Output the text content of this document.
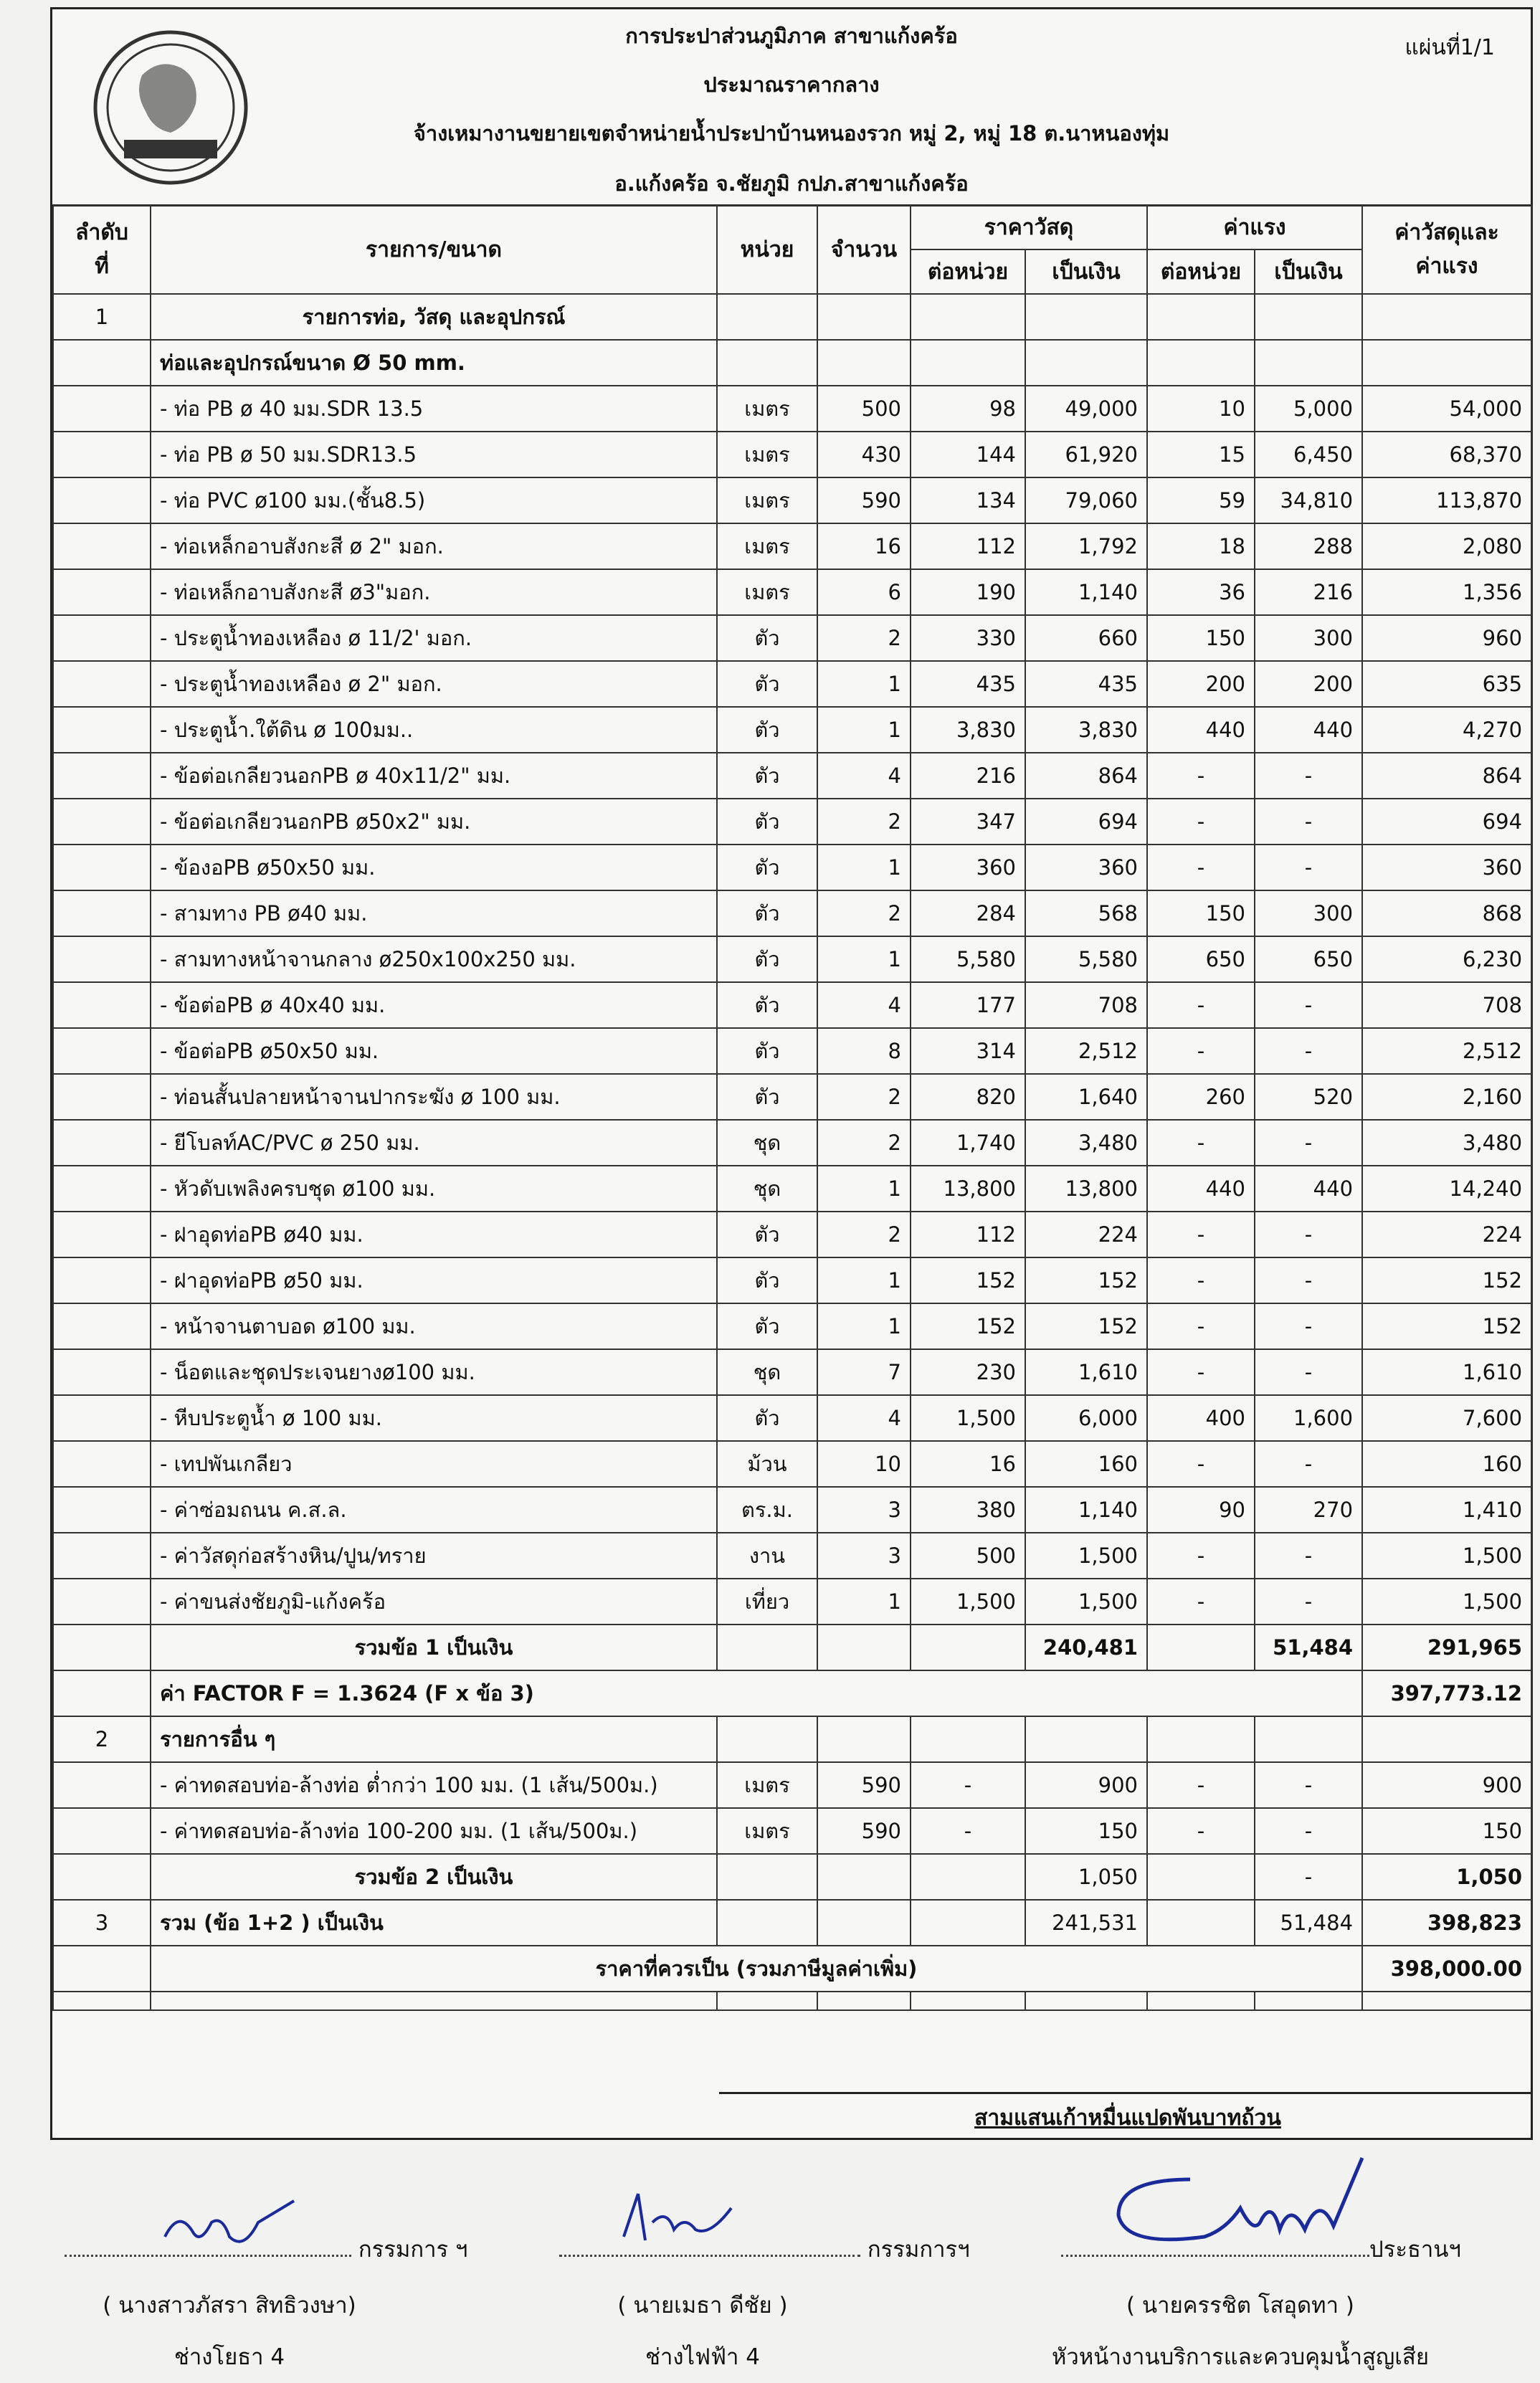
การประปาส่วนภูมิภาค สาขาแก้งคร้อ	แผ่นที่1/1
ประมาณราคากลาง
จ้างเหมางานขยายเขตจำหน่ายน้ำประปาบ้านหนองรวก หมู่ 2, หมู่ 18 ต.นาหนองทุ่ม
อ.แก้งคร้อ จ.ชัยภูมิ กปภ.สาขาแก้งคร้อ
ลำดับ
ที่	รายการ/ขนาด	หน่วย	จำนวน	ราคาวัสดุ		ค่าแรง		ค่าวัสดุและ
ค่าแรง
				ต่อหน่วย	เป็นเงิน	ต่อหน่วย	เป็นเงิน	
1	รายการท่อ, วัสดุ และอุปกรณ์							
	ท่อและอุปกรณ์ขนาด Ø 50 mm.							
	- ท่อ PB ø 40 มม.SDR 13.5	เมตร	500	98	49,000	10	5,000	54,000
	- ท่อ PB ø 50 มม.SDR13.5	เมตร	430	144	61,920	15	6,450	68,370
	- ท่อ PVC ø100 มม.(ชั้น8.5)	เมตร	590	134	79,060	59	34,810	113,870
	- ท่อเหล็กอาบสังกะสี ø 2" มอก.	เมตร	16	112	1,792	18	288	2,080
	- ท่อเหล็กอาบสังกะสี ø3"มอก.	เมตร	6	190	1,140	36	216	1,356
	- ประตูน้ำทองเหลือง ø 11/2' มอก.	ตัว	2	330	660	150	300	960
	- ประตูน้ำทองเหลือง ø 2" มอก.	ตัว	1	435	435	200	200	635
	- ประตูน้ำ.ใต้ดิน ø 100มม..	ตัว	1	3,830	3,830	440	440	4,270
	- ข้อต่อเกลียวนอกPB ø 40x11/2" มม.	ตัว	4	216	864	-	-	864
	- ข้อต่อเกลียวนอกPB ø50x2" มม.	ตัว	2	347	694	-	-	694
	- ข้องอPB ø50x50 มม.	ตัว	1	360	360	-	-	360
	- สามทาง PB ø40 มม.	ตัว	2	284	568	150	300	868
	- สามทางหน้าจานกลาง ø250x100x250 มม.	ตัว	1	5,580	5,580	650	650	6,230
	- ข้อต่อPB ø 40x40 มม.	ตัว	4	177	708	-	-	708
	- ข้อต่อPB ø50x50 มม.	ตัว	8	314	2,512	-	-	2,512
	- ท่อนสั้นปลายหน้าจานปากระฆัง ø 100 มม.	ตัว	2	820	1,640	260	520	2,160
	- ยีโบลท์AC/PVC ø 250 มม.	ชุด	2	1,740	3,480	-	-	3,480
	- หัวดับเพลิงครบชุด ø100 มม.	ชุด	1	13,800	13,800	440	440	14,240
	- ฝาอุดท่อPB ø40 มม.	ตัว	2	112	224	-	-	224
	- ฝาอุดท่อPB ø50 มม.	ตัว	1	152	152	-	-	152
	- หน้าจานตาบอด ø100 มม.	ตัว	1	152	152	-	-	152
	- น็อตและชุดประเจนยางø100 มม.	ชุด	7	230	1,610	-	-	1,610
	- หีบประตูน้ำ ø 100 มม.	ตัว	4	1,500	6,000	400	1,600	7,600
	- เทปพันเกลียว	ม้วน	10	16	160	-	-	160
	- ค่าซ่อมถนน ค.ส.ล.	ตร.ม.	3	380	1,140	90	270	1,410
	- ค่าวัสดุก่อสร้างหิน/ปูน/ทราย	งาน	3	500	1,500	-	-	1,500
	- ค่าขนส่งชัยภูมิ-แก้งคร้อ	เที่ยว	1	1,500	1,500	-	-	1,500
	รวมข้อ 1 เป็นเงิน				240,481		51,484	291,965
	ค่า FACTOR F = 1.3624 (F x ข้อ 3)							397,773.12
2	รายการอื่น ๆ							
	- ค่าทดสอบท่อ-ล้างท่อ ต่ำกว่า 100 มม. (1 เส้น/500ม.)	เมตร	590	-	900	-	-	900
	- ค่าทดสอบท่อ-ล้างท่อ 100-200 มม. (1 เส้น/500ม.)	เมตร	590	-	150	-	-	150
	รวมข้อ 2 เป็นเงิน				1,050		-	1,050
3	รวม (ข้อ 1+2 ) เป็นเงิน				241,531		51,484	398,823
	ราคาที่ควรเป็น (รวมภาษีมูลค่าเพิ่ม)							398,000.00

สามแสนเก้าหมื่นแปดพันบาทถ้วน
กรรมการ ฯ	กรรมการฯ	ประธานฯ
( นางสาวภัสรา สิทธิวงษา)	( นายเมธา ดีชัย )	( นายครรชิต โสอุดทา )
ช่างโยธา 4	ช่างไฟฟ้า 4	หัวหน้างานบริการและควบคุมน้ำสูญเสีย
